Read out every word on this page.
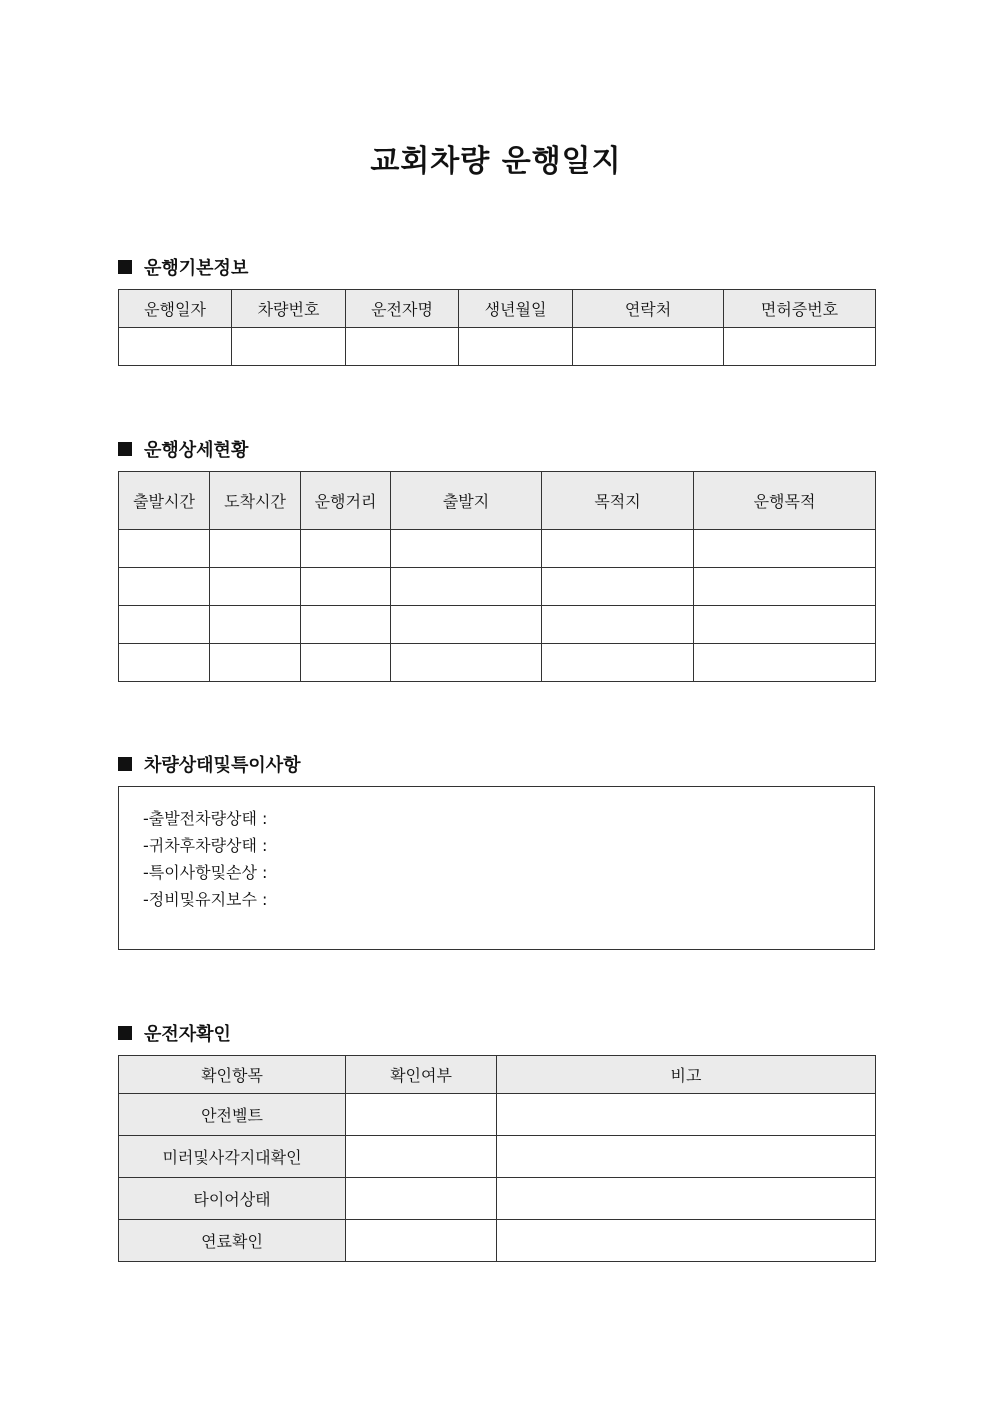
교회차량 운행일지
운행기본정보
운행일자	차량번호	운전자명	생년월일	연락처	면허증번호

운행상세현황
출발시간	도착시간	운행거리	출발지	목적지	운행목적

차량상태및특이사항
-출발전차량상태 :
-귀차후차량상태 :
-특이사항및손상 :
-정비및유지보수 :
운전자확인
확인항목	확인여부	비고
안전벨트		
미러및사각지대확인		
타이어상태		
연료확인		
